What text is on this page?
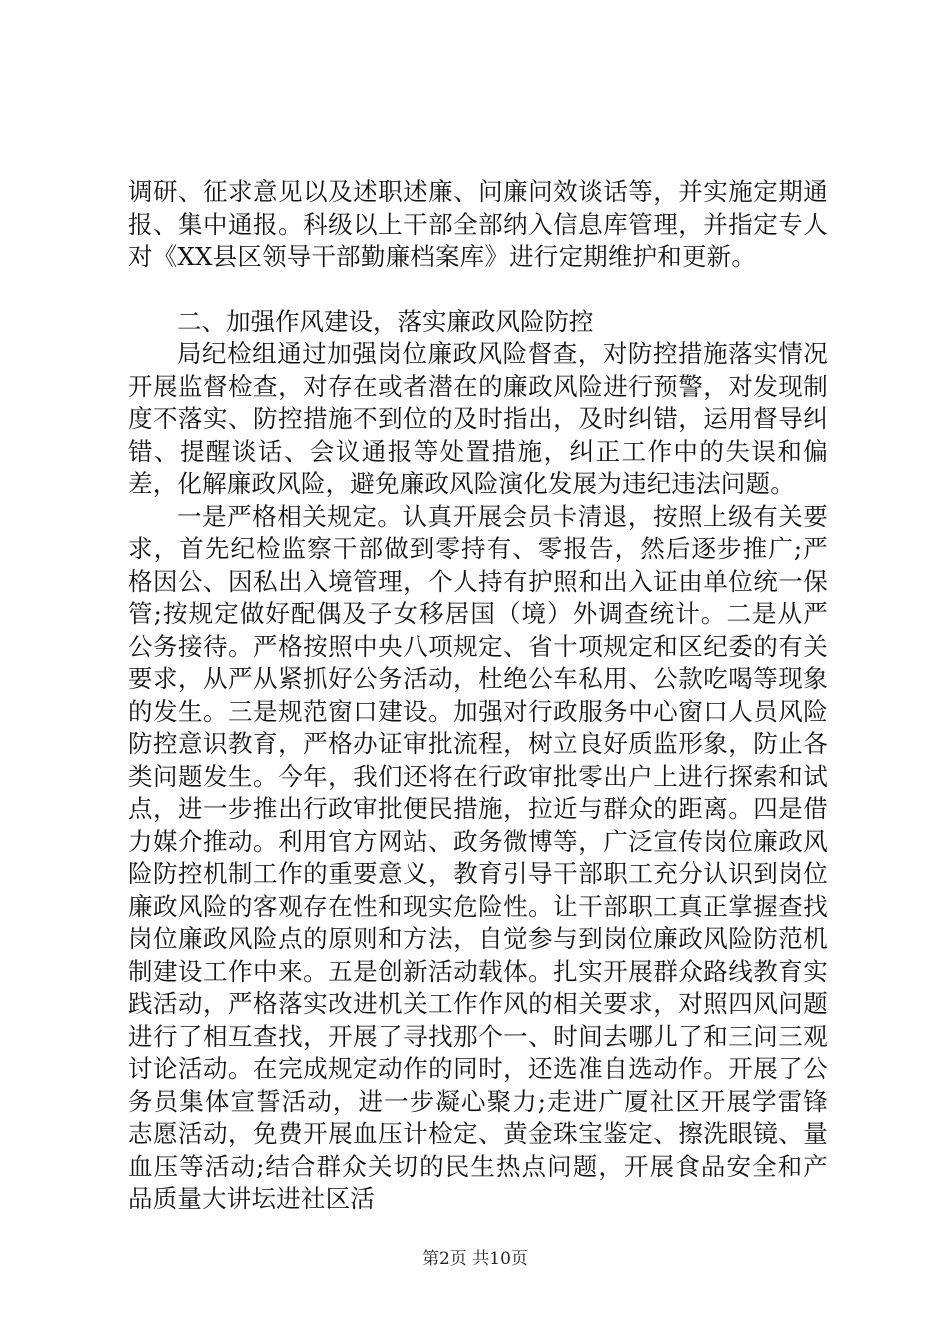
调研、征求意见以及述职述廉、问廉问效谈话等，并实施定期通报、集中通报。科级以上干部全部纳入信息库管理，并指定专人对《XX县区领导干部勤廉档案库》进行定期维护和更新。

二、加强作风建设，落实廉政风险防控

局纪检组通过加强岗位廉政风险督查，对防控措施落实情况开展监督检查，对存在或者潜在的廉政风险进行预警，对发现制度不落实、防控措施不到位的及时指出，及时纠错，运用督导纠错、提醒谈话、会议通报等处置措施，纠正工作中的失误和偏差，化解廉政风险，避免廉政风险演化发展为违纪违法问题。

一是严格相关规定。认真开展会员卡清退，按照上级有关要求，首先纪检监察干部做到零持有、零报告，然后逐步推广;严格因公、因私出入境管理，个人持有护照和出入证由单位统一保管;按规定做好配偶及子女移居国（境）外调查统计。二是从严公务接待。严格按照中央八项规定、省十项规定和区纪委的有关要求，从严从紧抓好公务活动，杜绝公车私用、公款吃喝等现象的发生。三是规范窗口建设。加强对行政服务中心窗口人员风险防控意识教育，严格办证审批流程，树立良好质监形象，防止各类问题发生。今年，我们还将在行政审批零出户上进行探索和试点，进一步推出行政审批便民措施，拉近与群众的距离。四是借力媒介推动。利用官方网站、政务微博等，广泛宣传岗位廉政风险防控机制工作的重要意义，教育引导干部职工充分认识到岗位廉政风险的客观存在性和现实危险性。让干部职工真正掌握查找岗位廉政风险点的原则和方法，自觉参与到岗位廉政风险防范机制建设工作中来。五是创新活动载体。扎实开展群众路线教育实践活动，严格落实改进机关工作作风的相关要求，对照四风问题进行了相互查找，开展了寻找那个一、时间去哪儿了和三问三观讨论活动。在完成规定动作的同时，还选准自选动作。开展了公务员集体宣誓活动，进一步凝心聚力;走进广厦社区开展学雷锋志愿活动，免费开展血压计检定、黄金珠宝鉴定、擦洗眼镜、量血压等活动;结合群众关切的民生热点问题，开展食品安全和产品质量大讲坛进社区活

第2页 共10页
